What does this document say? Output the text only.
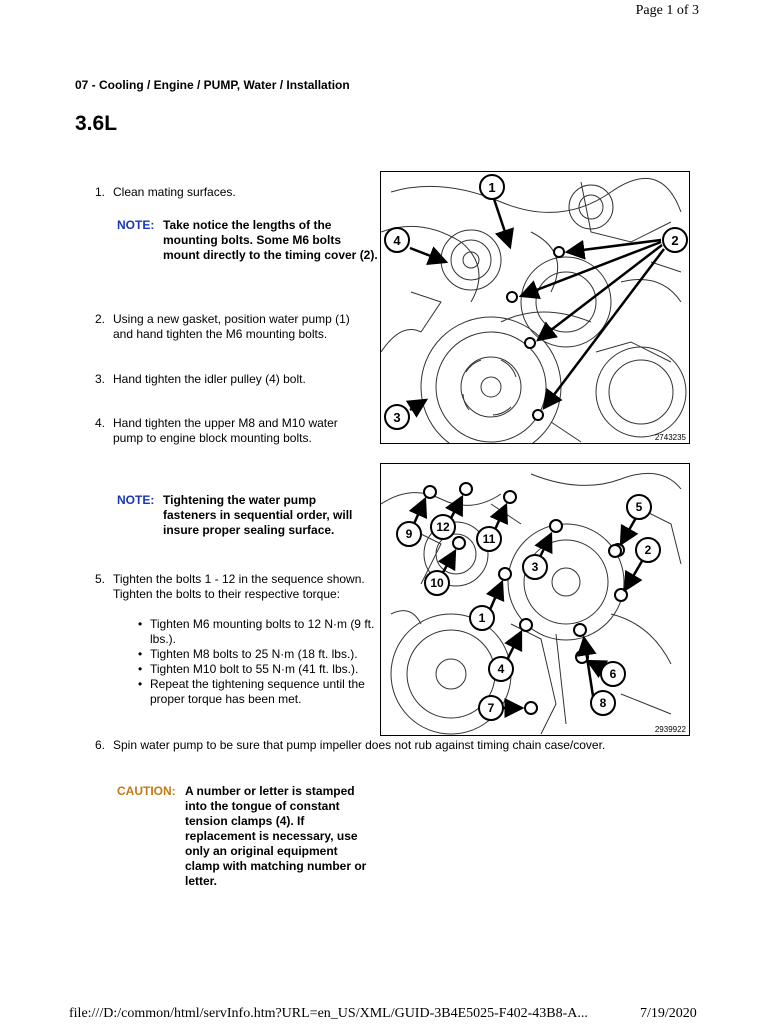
Page 1 of 3
07 - Cooling / Engine / PUMP, Water / Installation
3.6L
1. Clean mating surfaces.
NOTE: Take notice the lengths of the mounting bolts. Some M6 bolts mount directly to the timing cover (2).
2. Using a new gasket, position water pump (1)
and hand tighten the M6 mounting bolts.
3. Hand tighten the idler pulley (4) bolt.
4. Hand tighten the upper M8 and M10 water
pump to engine block mounting bolts.
NOTE: Tightening the water pump fasteners in sequential order, will insure proper sealing surface.
5. Tighten the bolts 1 - 12 in the sequence shown.
Tighten the bolts to their respective torque:
• Tighten M6 mounting bolts to 12 N·m (9 ft. lbs.).
• Tighten M8 bolts to 25 N·m (18 ft. lbs.).
• Tighten M10 bolt to 55 N·m (41 ft. lbs.).
• Repeat the tightening sequence until the proper torque has been met.
6. Spin water pump to be sure that pump impeller does not rub against timing chain case/cover.
CAUTION: A number or letter is stamped into the tongue of constant tension clamps (4). If replacement is necessary, use only an original equipment clamp with matching number or letter.
1
2
3
4
2743235
1
2
3
4
5
6
7	8
9
10
11
12
2939922
file:///D:/common/html/servInfo.htm?URL=en_US/XML/GUID-3B4E5025-F402-43B8-A...	7/19/2020
